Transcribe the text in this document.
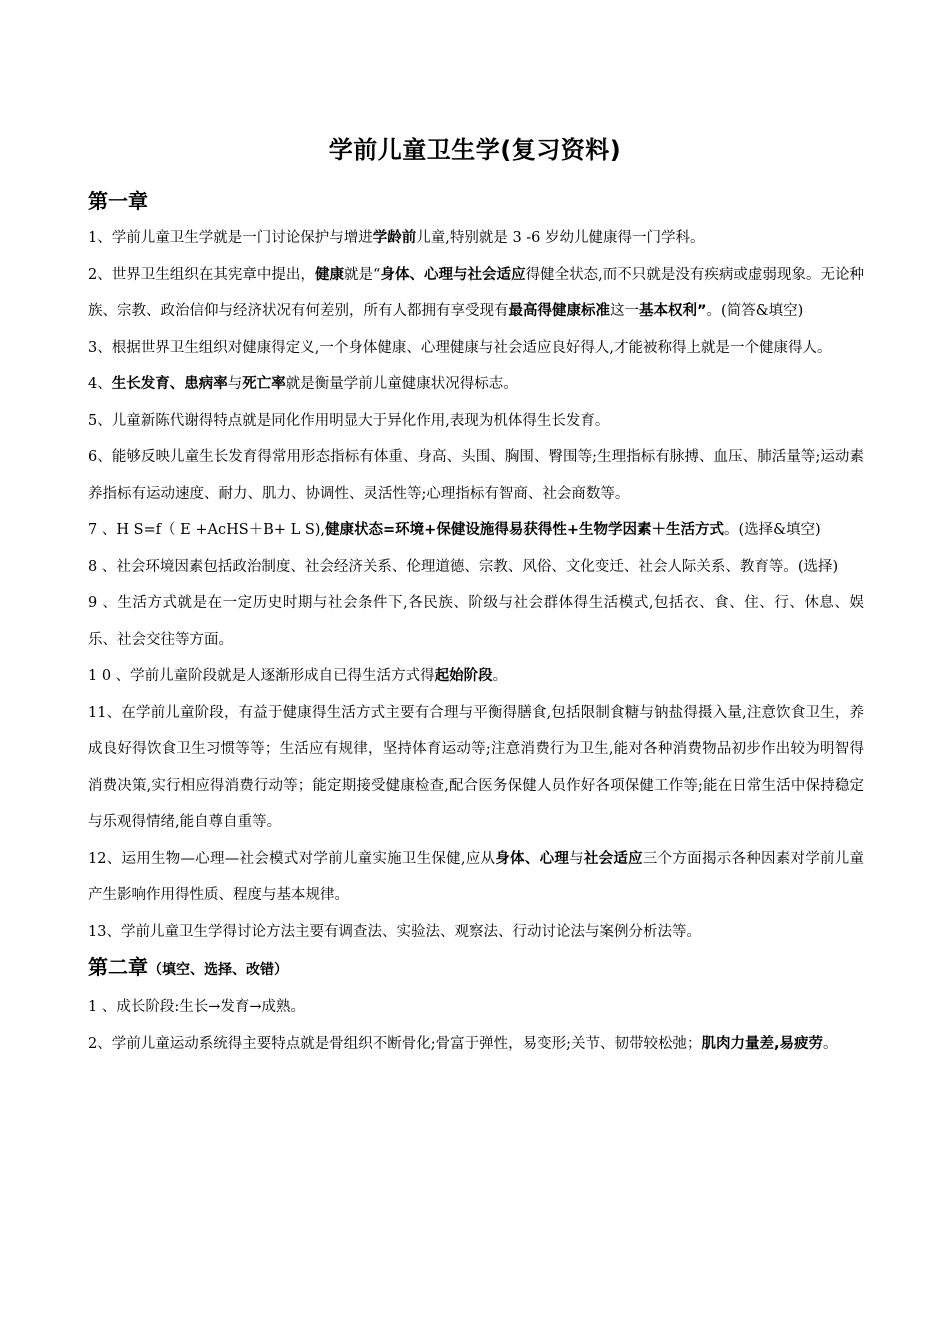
学前儿童卫生学(复习资料)
第一章

1、学前儿童卫生学就是一门讨论保护与增进学龄前儿童,特别就是 3 -6 岁幼儿健康得一门学科。

2、世界卫生组织在其宪章中提出，健康就是“身体、心理与社会适应得健全状态,而不只就是没有疾病或虚弱现象。无论种族、宗教、政治信仰与经济状况有何差别，所有人都拥有享受现有最高得健康标准这一基本权利”。(简答&填空)

3、根据世界卫生组织对健康得定义,一个身体健康、心理健康与社会适应良好得人,才能被称得上就是一个健康得人。

4、生长发育、患病率与死亡率就是衡量学前儿童健康状况得标志。

5、儿童新陈代谢得特点就是同化作用明显大于异化作用,表现为机体得生长发育。

6、能够反映儿童生长发育得常用形态指标有体重、身高、头围、胸围、臀围等;生理指标有脉搏、血压、肺活量等;运动素养指标有运动速度、耐力、肌力、协调性、灵活性等;心理指标有智商、社会商数等。

7 、H S=f（ E +AcHS＋B+ L S),健康状态=环境+保健设施得易获得性+生物学因素＋生活方式。(选择&填空)

8 、社会环境因素包括政治制度、社会经济关系、伦理道德、宗教、风俗、文化变迁、社会人际关系、教育等。(选择)

9 、生活方式就是在一定历史时期与社会条件下,各民族、阶级与社会群体得生活模式,包括衣、食、住、行、休息、娱乐、社会交往等方面。

1 0 、学前儿童阶段就是人逐渐形成自已得生活方式得起始阶段。

11、在学前儿童阶段，有益于健康得生活方式主要有合理与平衡得膳食,包括限制食糖与钠盐得摄入量,注意饮食卫生，养成良好得饮食卫生习惯等等；生活应有规律，坚持体育运动等;注意消费行为卫生,能对各种消费物品初步作出较为明智得消费决策,实行相应得消费行动等；能定期接受健康检查,配合医务保健人员作好各项保健工作等;能在日常生活中保持稳定与乐观得情绪,能自尊自重等。

12、运用生物—心理—社会模式对学前儿童实施卫生保健,应从身体、心理与社会适应三个方面揭示各种因素对学前儿童产生影响作用得性质、程度与基本规律。

13、学前儿童卫生学得讨论方法主要有调查法、实验法、观察法、行动讨论法与案例分析法等。

第二章（填空、选择、改错）

1 、成长阶段:生长→发育→成熟。

2、学前儿童运动系统得主要特点就是骨组织不断骨化;骨富于弹性，易变形;关节、韧带较松弛；肌肉力量差,易疲劳。
